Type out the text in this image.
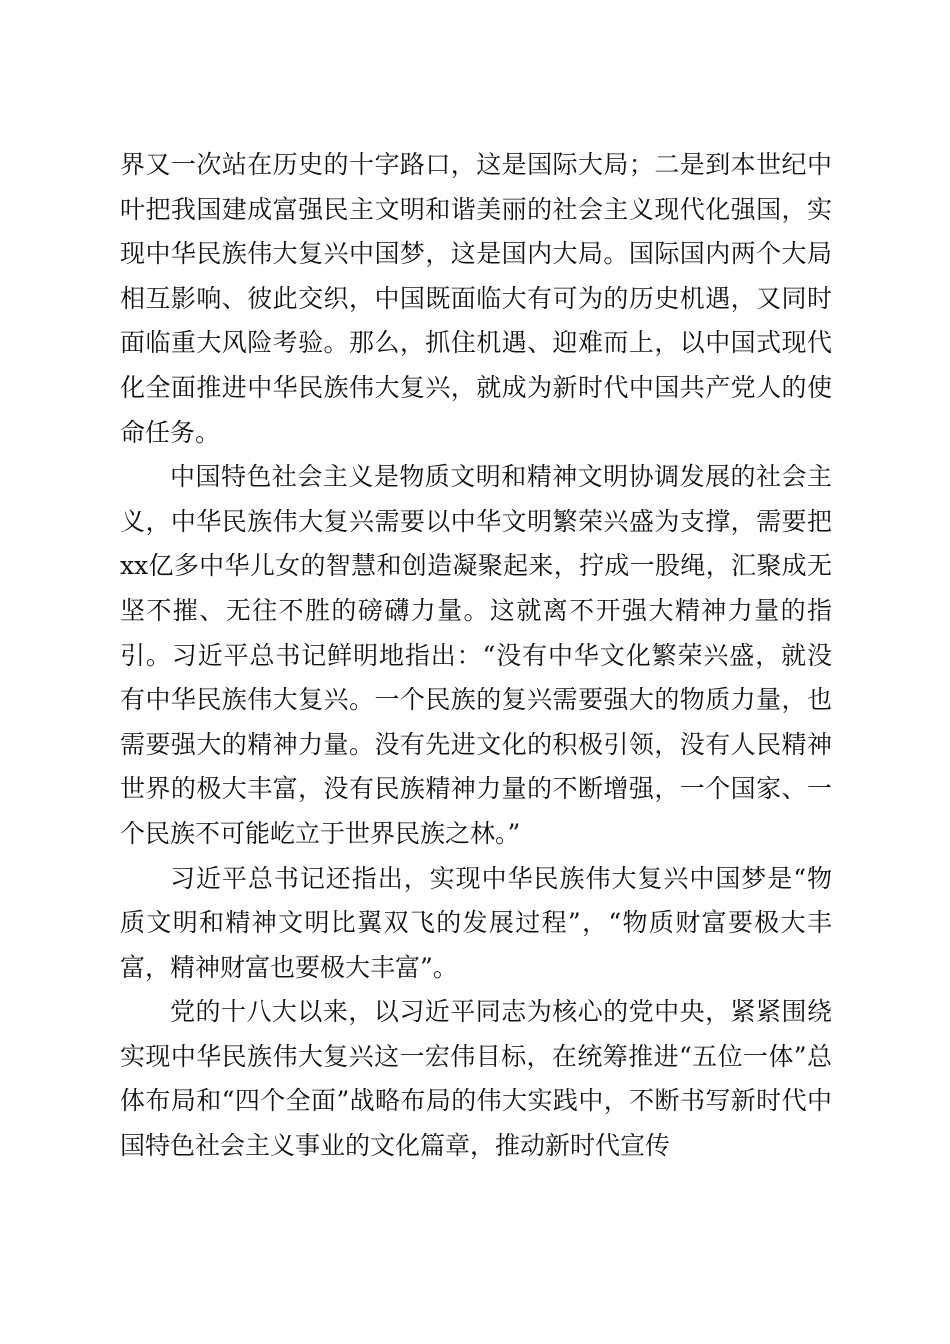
界又一次站在历史的十字路口，这是国际大局；二是到本世纪中叶把我国建成富强民主文明和谐美丽的社会主义现代化强国，实现中华民族伟大复兴中国梦，这是国内大局。国际国内两个大局相互影响、彼此交织，中国既面临大有可为的历史机遇，又同时面临重大风险考验。那么，抓住机遇、迎难而上，以中国式现代化全面推进中华民族伟大复兴，就成为新时代中国共产党人的使命任务。

中国特色社会主义是物质文明和精神文明协调发展的社会主义，中华民族伟大复兴需要以中华文明繁荣兴盛为支撑，需要把xx亿多中华儿女的智慧和创造凝聚起来，拧成一股绳，汇聚成无坚不摧、无往不胜的磅礴力量。这就离不开强大精神力量的指引。习近平总书记鲜明地指出：“没有中华文化繁荣兴盛，就没有中华民族伟大复兴。一个民族的复兴需要强大的物质力量，也需要强大的精神力量。没有先进文化的积极引领，没有人民精神世界的极大丰富，没有民族精神力量的不断增强，一个国家、一个民族不可能屹立于世界民族之林。”

习近平总书记还指出，实现中华民族伟大复兴中国梦是“物质文明和精神文明比翼双飞的发展过程”，“物质财富要极大丰富，精神财富也要极大丰富”。

党的十八大以来，以习近平同志为核心的党中央，紧紧围绕实现中华民族伟大复兴这一宏伟目标，在统筹推进“五位一体”总体布局和“四个全面”战略布局的伟大实践中，不断书写新时代中国特色社会主义事业的文化篇章，推动新时代宣传
